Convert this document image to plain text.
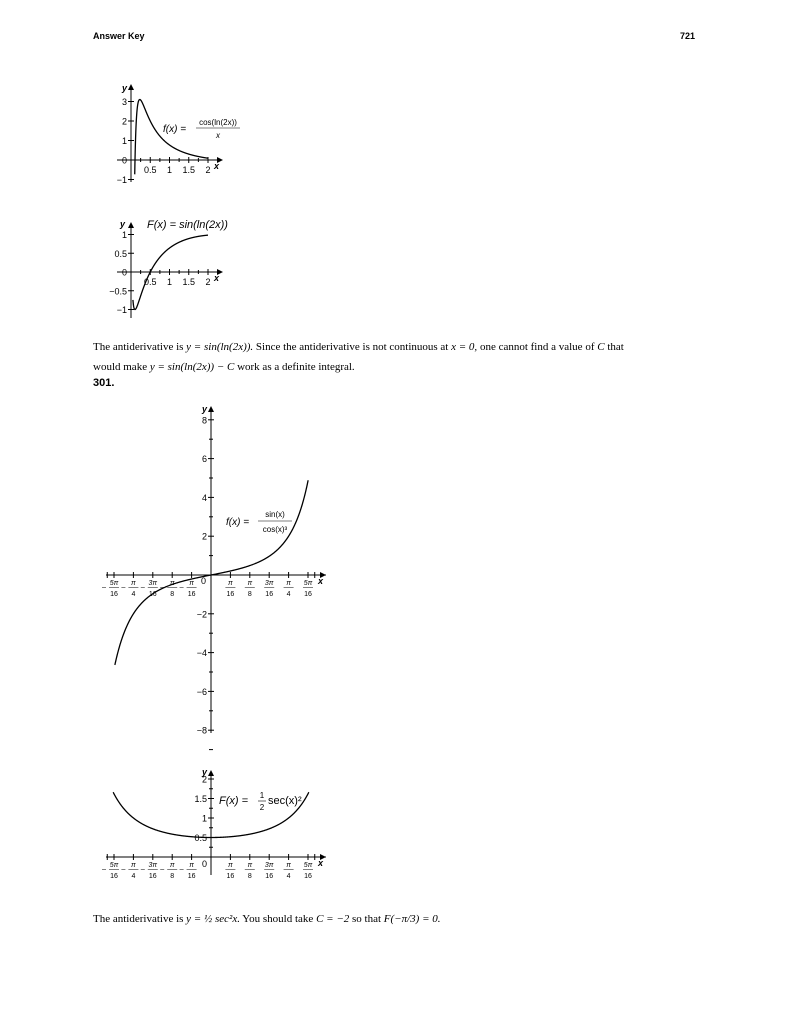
Answer Key	721
y
x
0.5 1 1.5 2
−1
0
1
2
3
f(x) =
cos(ln(2x))
x
y
x
0.5 1 1.5 2
−1
−0.5
0
0.5
1
F(x) = sin(ln(2x))
y
x
0
5π
16
π
4
3π
16
π
8
π
16
π
16
π
8
3π
16
π
4
5π
16
−8
−6
−4
−2
2
4
6
8
f(x) =
sin(x)
cos(x)³
y
x
0
5π
16
π
4
3π
16
π
8
π
16
π
16
π
8
3π
16
π
4
5π
16
0.5
1
1.5
2
F(x) = 1
2
sec(x)²
The antiderivative is y = sin(ln(2x)). Since the antiderivative is not continuous at x = 0, one cannot find a value of C that
would make y = sin(ln(2x)) − C work as a definite integral.
301.
The antiderivative is y = ½ sec²x. You should take C = −2 so that F(−π/3) = 0.
